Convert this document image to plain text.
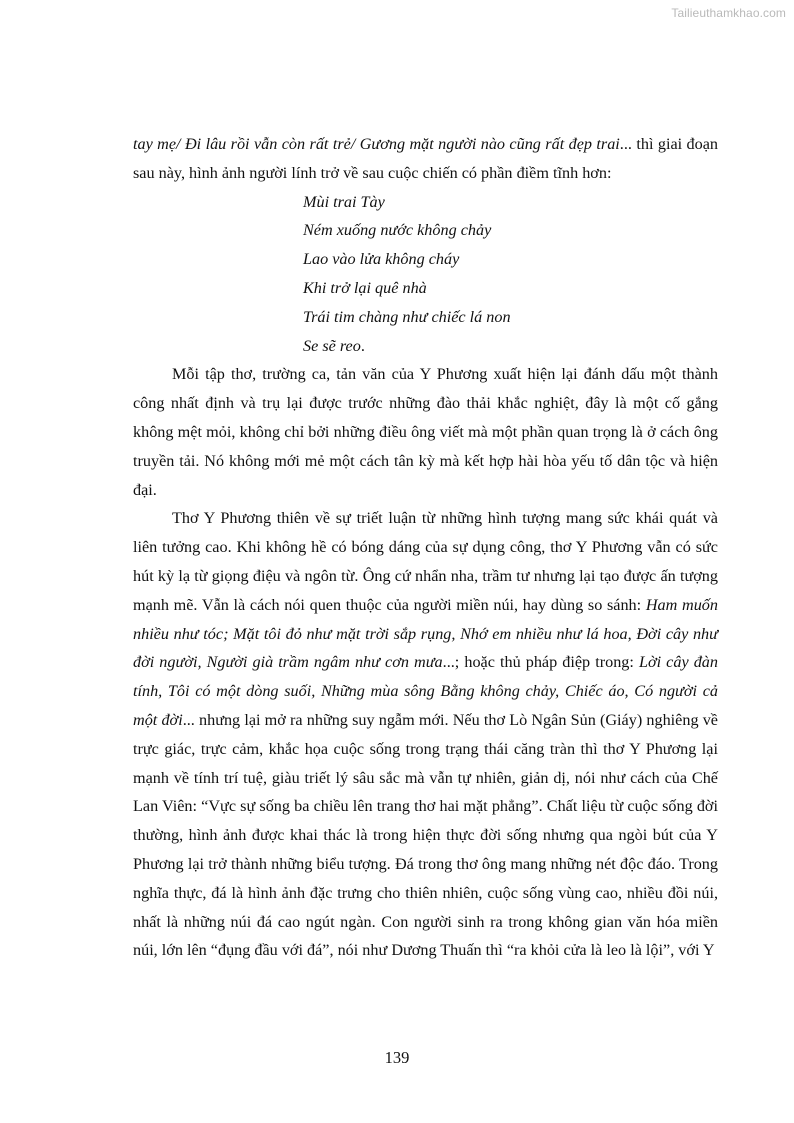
Tailieuthamkhao.com

tay mẹ/ Đi lâu rồi vẫn còn rất trẻ/ Gương mặt người nào cũng rất đẹp trai... thì giai đoạn sau này, hình ảnh người lính trở về sau cuộc chiến có phần điềm tĩnh hơn:

Mùi trai Tày
Ném xuống nước không chảy
Lao vào lửa không cháy
Khi trở lại quê nhà
Trái tim chàng như chiếc lá non
Se sẽ reo.

Mỗi tập thơ, trường ca, tản văn của Y Phương xuất hiện lại đánh dấu một thành công nhất định và trụ lại được trước những đào thải khắc nghiệt, đây là một cố gắng không mệt mỏi, không chỉ bởi những điều ông viết mà một phần quan trọng là ở cách ông truyền tải. Nó không mới mẻ một cách tân kỳ mà kết hợp hài hòa yếu tố dân tộc và hiện đại.

Thơ Y Phương thiên về sự triết luận từ những hình tượng mang sức khái quát và liên tưởng cao. Khi không hề có bóng dáng của sự dụng công, thơ Y Phương vẫn có sức hút kỳ lạ từ giọng điệu và ngôn từ. Ông cứ nhẩn nha, trầm tư nhưng lại tạo được ấn tượng mạnh mẽ. Vẫn là cách nói quen thuộc của người miền núi, hay dùng so sánh: Ham muốn nhiều như tóc; Mặt tôi đỏ như mặt trời sắp rụng, Nhớ em nhiều như lá hoa, Đời cây như đời người, Người già trầm ngâm như cơn mưa...; hoặc thủ pháp điệp trong: Lời cây đàn tính, Tôi có một dòng suối, Những mùa sông Bằng không chảy, Chiếc áo, Có người cả một đời... nhưng lại mở ra những suy ngẫm mới. Nếu thơ Lò Ngân Sủn (Giáy) nghiêng về trực giác, trực cảm, khắc họa cuộc sống trong trạng thái căng tràn thì thơ Y Phương lại mạnh về tính trí tuệ, giàu triết lý sâu sắc mà vẫn tự nhiên, giản dị, nói như cách của Chế Lan Viên: “Vực sự sống ba chiều lên trang thơ hai mặt phẳng”. Chất liệu từ cuộc sống đời thường, hình ảnh được khai thác là trong hiện thực đời sống nhưng qua ngòi bút của Y Phương lại trở thành những biểu tượng. Đá trong thơ ông mang những nét độc đáo. Trong nghĩa thực, đá là hình ảnh đặc trưng cho thiên nhiên, cuộc sống vùng cao, nhiều đồi núi, nhất là những núi đá cao ngút ngàn. Con người sinh ra trong không gian văn hóa miền núi, lớn lên “đụng đầu với đá”, nói như Dương Thuấn thì “ra khỏi cửa là leo là lội”, với Y

139
